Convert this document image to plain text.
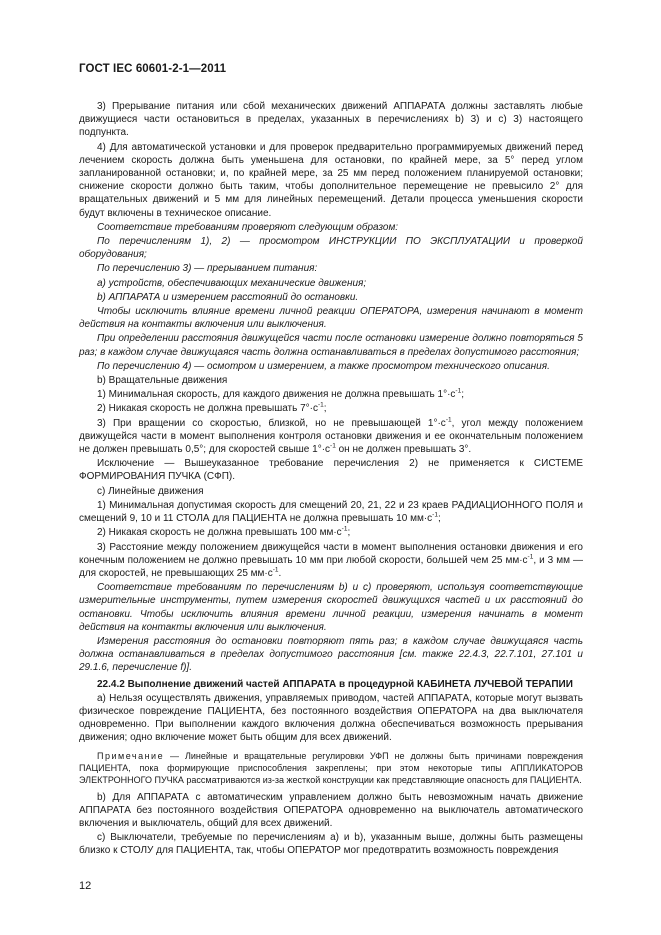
ГОСТ IEC 60601-2-1—2011

3) Прерывание питания или сбой механических движений АППАРАТА должны заставлять любые движущиеся части остановиться в пределах, указанных в перечислениях b) 3) и с) 3) настоящего подпункта.

4) Для автоматической установки и для проверок предварительно программируемых движений перед лечением скорость должна быть уменьшена для остановки, по крайней мере, за 5° перед углом запланированной остановки; и, по крайней мере, за 25 мм перед положением планируемой остановки; снижение скорости должно быть таким, чтобы дополнительное перемещение не превысило 2° для вращательных движений и 5 мм для линейных перемещений. Детали процесса уменьшения скорости будут включены в техническое описание.

Соответствие требованиям проверяют следующим образом:

По перечислениям 1), 2) — просмотром ИНСТРУКЦИИ ПО ЭКСПЛУАТАЦИИ и проверкой оборудования;

По перечислению 3) — прерыванием питания:

а) устройств, обеспечивающих механические движения;

b) АППАРАТА и измерением расстояний до остановки.

Чтобы исключить влияние времени личной реакции ОПЕРАТОРА, измерения начинают в момент действия на контакты включения или выключения.

При определении расстояния движущейся части после остановки измерение должно повторяться 5 раз; в каждом случае движущаяся часть должна останавливаться в пределах допустимого расстояния;

По перечислению 4) — осмотром и измерением, а также просмотром технического описания.

b) Вращательные движения

1) Минимальная скорость, для каждого движения не должна превышать $1^\circ\cdot с^{-1}$;

2) Никакая скорость не должна превышать $7^\circ\cdot с^{-1}$;

3) При вращении со скоростью, близкой, но не превышающей $1^\circ\cdot с^{-1}$, угол между положением движущейся части в момент выполнения контроля остановки движения и ее окончательным положением не должен превышать 0,5°; для скоростей свыше $1^\circ\cdot с^{-1}$ он не должен превышать 3°.

Исключение — Вышеуказанное требование перечисления 2) не применяется к СИСТЕМЕ ФОРМИРОВАНИЯ ПУЧКА (СФП).

с) Линейные движения

1) Минимальная допустимая скорость для смещений 20, 21, 22 и 23 краев РАДИАЦИОННОГО ПОЛЯ и смещений 9, 10 и 11 СТОЛА для ПАЦИЕНТА не должна превышать 10 $мм\cdot с^{-1}$;

2) Никакая скорость не должна превышать 100 $мм\cdot с^{-1}$;

3) Расстояние между положением движущейся части в момент выполнения остановки движения и его конечным положением не должно превышать 10 мм при любой скорости, большей чем 25 $мм\cdot с^{-1}$, и 3 мм — для скоростей, не превышающих 25 $мм\cdot с^{-1}$.

Соответствие требованиям по перечислениям b) и с) проверяют, используя соответствующие измерительные инструменты, путем измерения скоростей движущихся частей и их расстояний до остановки. Чтобы исключить влияния времени личной реакции, измерения начинать в момент действия на контакты включения или выключения.

Измерения расстояния до остановки повторяют пять раз; в каждом случае движущаяся часть должна останавливаться в пределах допустимого расстояния [см. также 22.4.3, 22.7.101, 27.101 и 29.1.6, перечисление f)].

22.4.2 Выполнение движений частей АППАРАТА в процедурной КАБИНЕТА ЛУЧЕВОЙ ТЕРАПИИ

а) Нельзя осуществлять движения, управляемых приводом, частей АППАРАТА, которые могут вызвать физическое повреждение ПАЦИЕНТА, без постоянного воздействия ОПЕРАТОРА на два выключателя одновременно. При выполнении каждого включения должна обеспечиваться возможность прерывания движения; одно включение может быть общим для всех движений.

Примечание — Линейные и вращательные регулировки УФП не должны быть причинами повреждения ПАЦИЕНТА, пока формирующие приспособления закреплены; при этом некоторые типы АППЛИКАТОРОВ ЭЛЕКТРОННОГО ПУЧКА рассматриваются из-за жесткой конструкции как представляющие опасность для ПАЦИЕНТА.

b) Для АППАРАТА с автоматическим управлением должно быть невозможным начать движение АППАРАТА без постоянного воздействия ОПЕРАТОРА одновременно на выключатель автоматического включения и выключатель, общий для всех движений.

с) Выключатели, требуемые по перечислениям а) и b), указанным выше, должны быть размещены близко к СТОЛУ для ПАЦИЕНТА, так, чтобы ОПЕРАТОР мог предотвратить возможность повреждения

12
